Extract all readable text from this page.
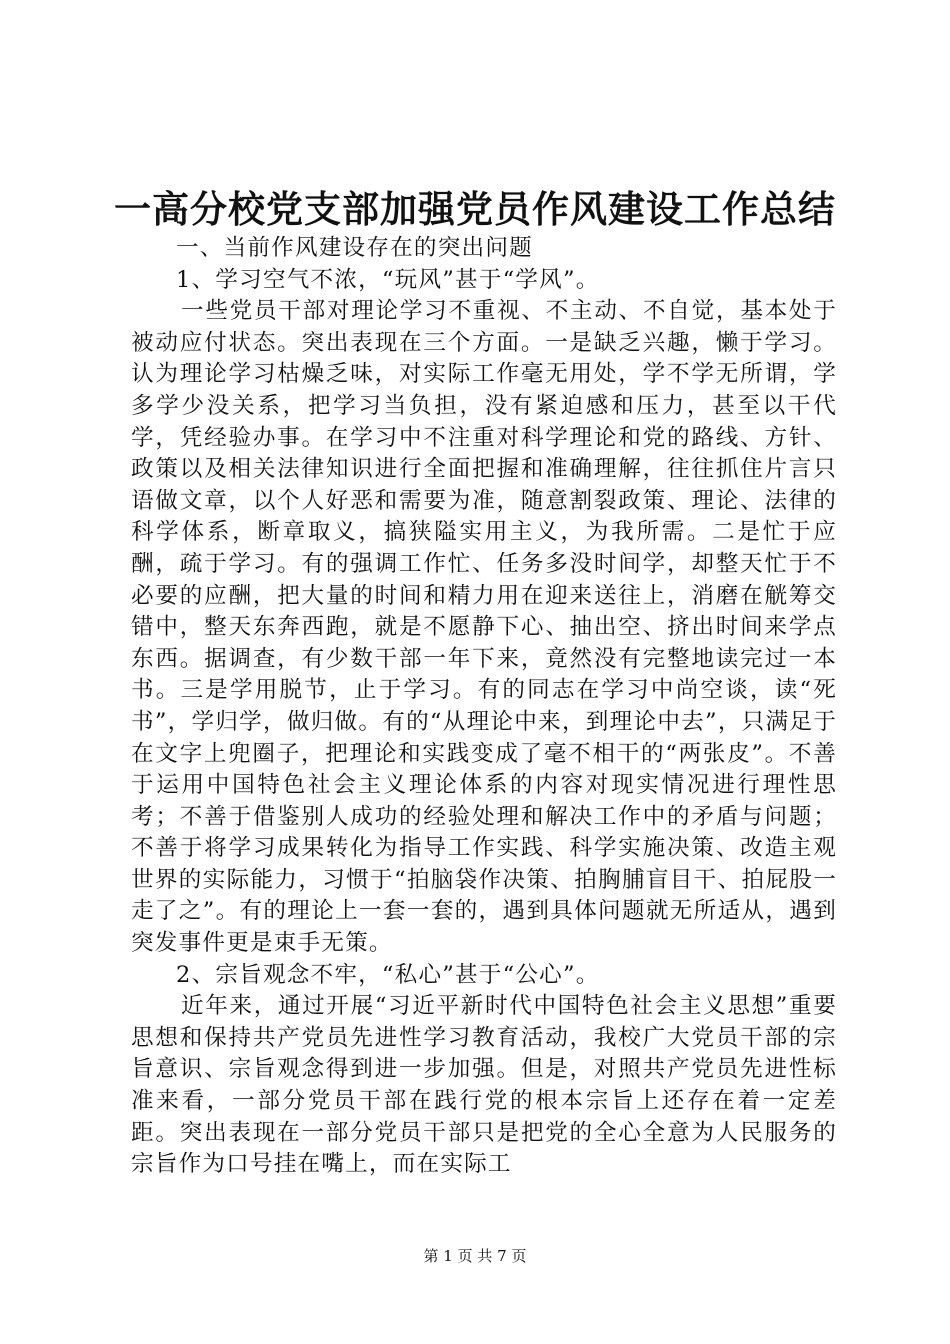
一高分校党支部加强党员作风建设工作总结

一、当前作风建设存在的突出问题

1、学习空气不浓，“玩风”甚于“学风”。

一些党员干部对理论学习不重视、不主动、不自觉，基本处于被动应付状态。突出表现在三个方面。一是缺乏兴趣，懒于学习。认为理论学习枯燥乏味，对实际工作毫无用处，学不学无所谓，学多学少没关系，把学习当负担，没有紧迫感和压力，甚至以干代学，凭经验办事。在学习中不注重对科学理论和党的路线、方针、政策以及相关法律知识进行全面把握和准确理解，往往抓住片言只语做文章，以个人好恶和需要为准，随意割裂政策、理论、法律的科学体系，断章取义，搞狭隘实用主义，为我所需。二是忙于应酬，疏于学习。有的强调工作忙、任务多没时间学，却整天忙于不必要的应酬，把大量的时间和精力用在迎来送往上，消磨在觥筹交错中，整天东奔西跑，就是不愿静下心、抽出空、挤出时间来学点东西。据调查，有少数干部一年下来，竟然没有完整地读完过一本书。三是学用脱节，止于学习。有的同志在学习中尚空谈，读“死书”，学归学，做归做。有的“从理论中来，到理论中去”，只满足于在文字上兜圈子，把理论和实践变成了毫不相干的“两张皮”。不善于运用中国特色社会主义理论体系的内容对现实情况进行理性思考；不善于借鉴别人成功的经验处理和解决工作中的矛盾与问题；不善于将学习成果转化为指导工作实践、科学实施决策、改造主观世界的实际能力，习惯于“拍脑袋作决策、拍胸脯盲目干、拍屁股一走了之”。有的理论上一套一套的，遇到具体问题就无所适从，遇到突发事件更是束手无策。

2、宗旨观念不牢，“私心”甚于“公心”。

近年来，通过开展“习近平新时代中国特色社会主义思想”重要思想和保持共产党员先进性学习教育活动，我校广大党员干部的宗旨意识、宗旨观念得到进一步加强。但是，对照共产党员先进性标准来看，一部分党员干部在践行党的根本宗旨上还存在着一定差距。突出表现在一部分党员干部只是把党的全心全意为人民服务的宗旨作为口号挂在嘴上，而在实际工

第 1 页 共 7 页
